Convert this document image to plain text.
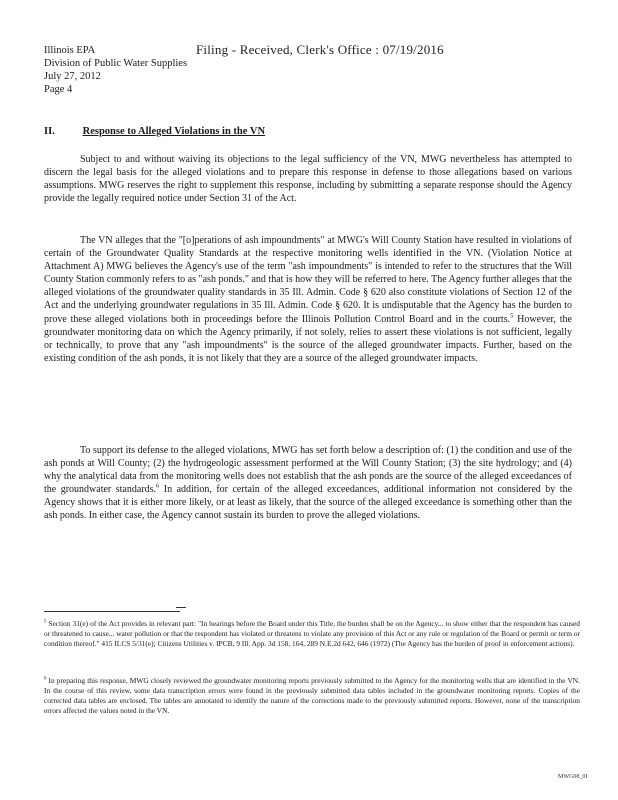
Illinois EPA
Division of Public Water Supplies
July 27, 2012
Page 4
Filing - Received, Clerk's Office : 07/19/2016
II.	Response to Alleged Violations in the VN

Subject to and without waiving its objections to the legal sufficiency of the VN, MWG nevertheless has attempted to discern the legal basis for the alleged violations and to prepare this response in defense to those allegations based on various assumptions. MWG reserves the right to supplement this response, including by submitting a separate response should the Agency provide the legally required notice under Section 31 of the Act.

The VN alleges that the "[o]perations of ash impoundments" at MWG's Will County Station have resulted in violations of certain of the Groundwater Quality Standards at the respective monitoring wells identified in the VN. (Violation Notice at Attachment A) MWG believes the Agency's use of the term "ash impoundments" is intended to refer to the structures that the Will County Station commonly refers to as "ash ponds." and that is how they will be referred to here. The Agency further alleges that the alleged violations of the groundwater quality standards in 35 Ill. Admin. Code § 620 also constitute violations of Section 12 of the Act and the underlying groundwater regulations in 35 Ill. Admin. Code § 620. It is undisputable that the Agency has the burden to prove these alleged violations both in proceedings before the Illinois Pollution Control Board and in the courts.$^5$ However, the groundwater monitoring data on which the Agency primarily, if not solely, relies to assert these violations is not sufficient, legally or technically, to prove that any "ash impoundments" is the source of the alleged groundwater impacts. Further, based on the existing condition of the ash ponds, it is not likely that they are a source of the alleged groundwater impacts.

To support its defense to the alleged violations, MWG has set forth below a description of: (1) the condition and use of the ash ponds at Will County; (2) the hydrogeologic assessment performed at the Will County Station; (3) the site hydrology; and (4) why the analytical data from the monitoring wells does not establish that the ash ponds are the source of the alleged exceedances of the groundwater standards.$^6$ In addition, for certain of the alleged exceedances, additional information not considered by the Agency shows that it is either more likely, or at least as likely, that the source of the alleged exceedance is something other than the ash ponds. In either case, the Agency cannot sustain its burden to prove the alleged violations.

$^5$ Section 31(e) of the Act provides in relevant part: "In hearings before the Board under this Title, the burden shall be on the Agency... to show either that the respondent has caused or threatened to cause... water pollution or that the respondent has violated or threatens to violate any provision of this Act or any rule or regulation of the Board or permit or term or condition thereof." 415 ILCS 5/31(e); Citizens Utilities v. IPCB, 9 Ill. App. 3d 158, 164, 289 N.E.2d 642, 646 (1972) (The Agency has the burden of proof in enforcement actions).

$^6$ In preparing this response, MWG closely reviewed the groundwater monitoring reports previously submitted to the Agency for the monitoring wells that are identified in the VN. In the course of this review, some data transcription errors were found in the previously submitted data tables included in the groundwater monitoring reports. Copies of the corrected data tables are enclosed. The tables are annotated to identify the nature of the corrections made to the previously submitted reports. However, none of the transcription errors affected the values noted in the VN.

MWG08_0I
